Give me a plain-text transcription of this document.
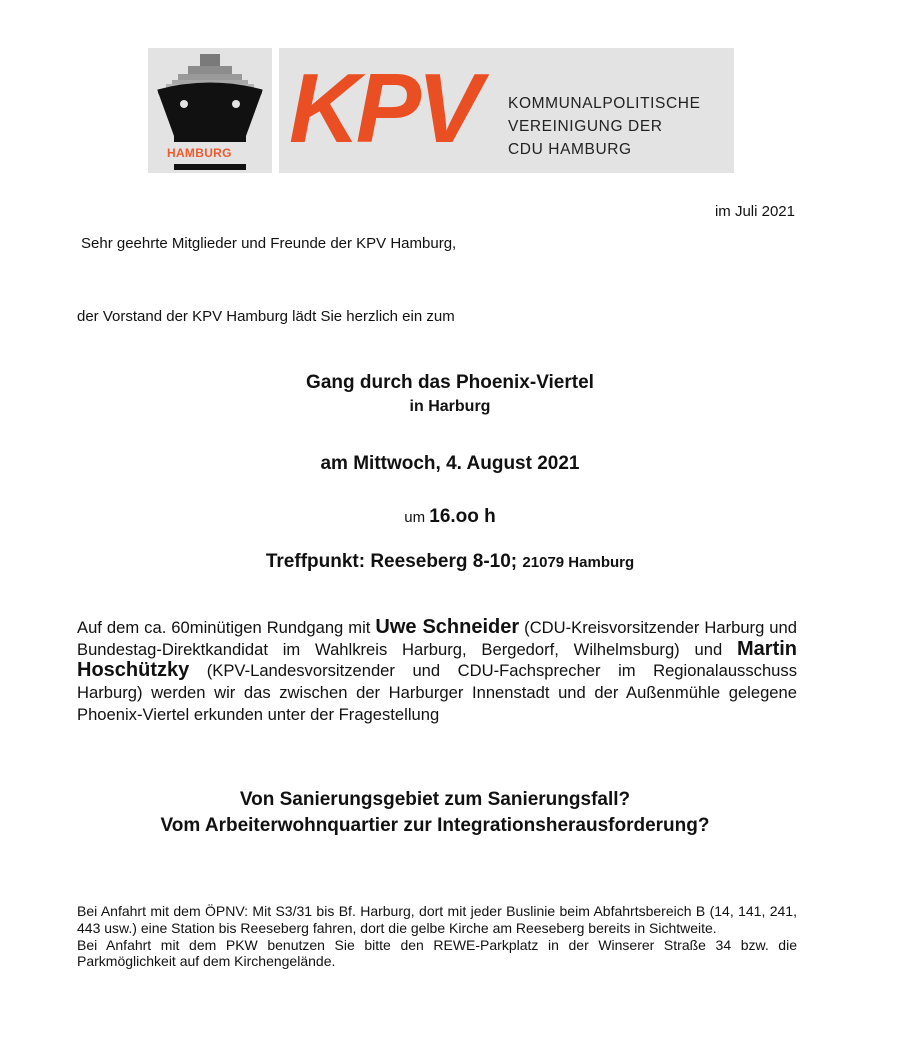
HAMBURG KPV KOMMUNALPOLITISCHE
VEREINIGUNG DER
CDU HAMBURG
im Juli 2021
Sehr geehrte Mitglieder und Freunde der KPV Hamburg,
der Vorstand der KPV Hamburg lädt Sie herzlich ein zum
Gang durch das Phoenix-Viertel
in Harburg
am Mittwoch, 4. August 2021
um 16.oo h
Treffpunkt: Reeseberg 8-10; 21079 Hamburg
Auf dem ca. 60minütigen Rundgang mit Uwe Schneider (CDU-Kreisvorsitzender Harburg und Bundestag-Direktkandidat im Wahlkreis Harburg, Bergedorf, Wilhelmsburg) und Martin Hoschützky (KPV-Landesvorsitzender und CDU-Fachsprecher im Regionalausschuss Harburg) werden wir das zwischen der Harburger Innenstadt und der Außenmühle gelegene Phoenix-Viertel erkunden unter der Fragestellung
Von Sanierungsgebiet zum Sanierungsfall?
Vom Arbeiterwohnquartier zur Integrationsherausforderung?

Bei Anfahrt mit dem ÖPNV: Mit S3/31 bis Bf. Harburg, dort mit jeder Buslinie beim Abfahrtsbereich B (14, 141, 241, 443 usw.) eine Station bis Reeseberg fahren, dort die gelbe Kirche am Reeseberg bereits in Sichtweite.

Bei Anfahrt mit dem PKW benutzen Sie bitte den REWE-Parkplatz in der Winserer Straße 34 bzw. die Parkmöglichkeit auf dem Kirchengelände.
